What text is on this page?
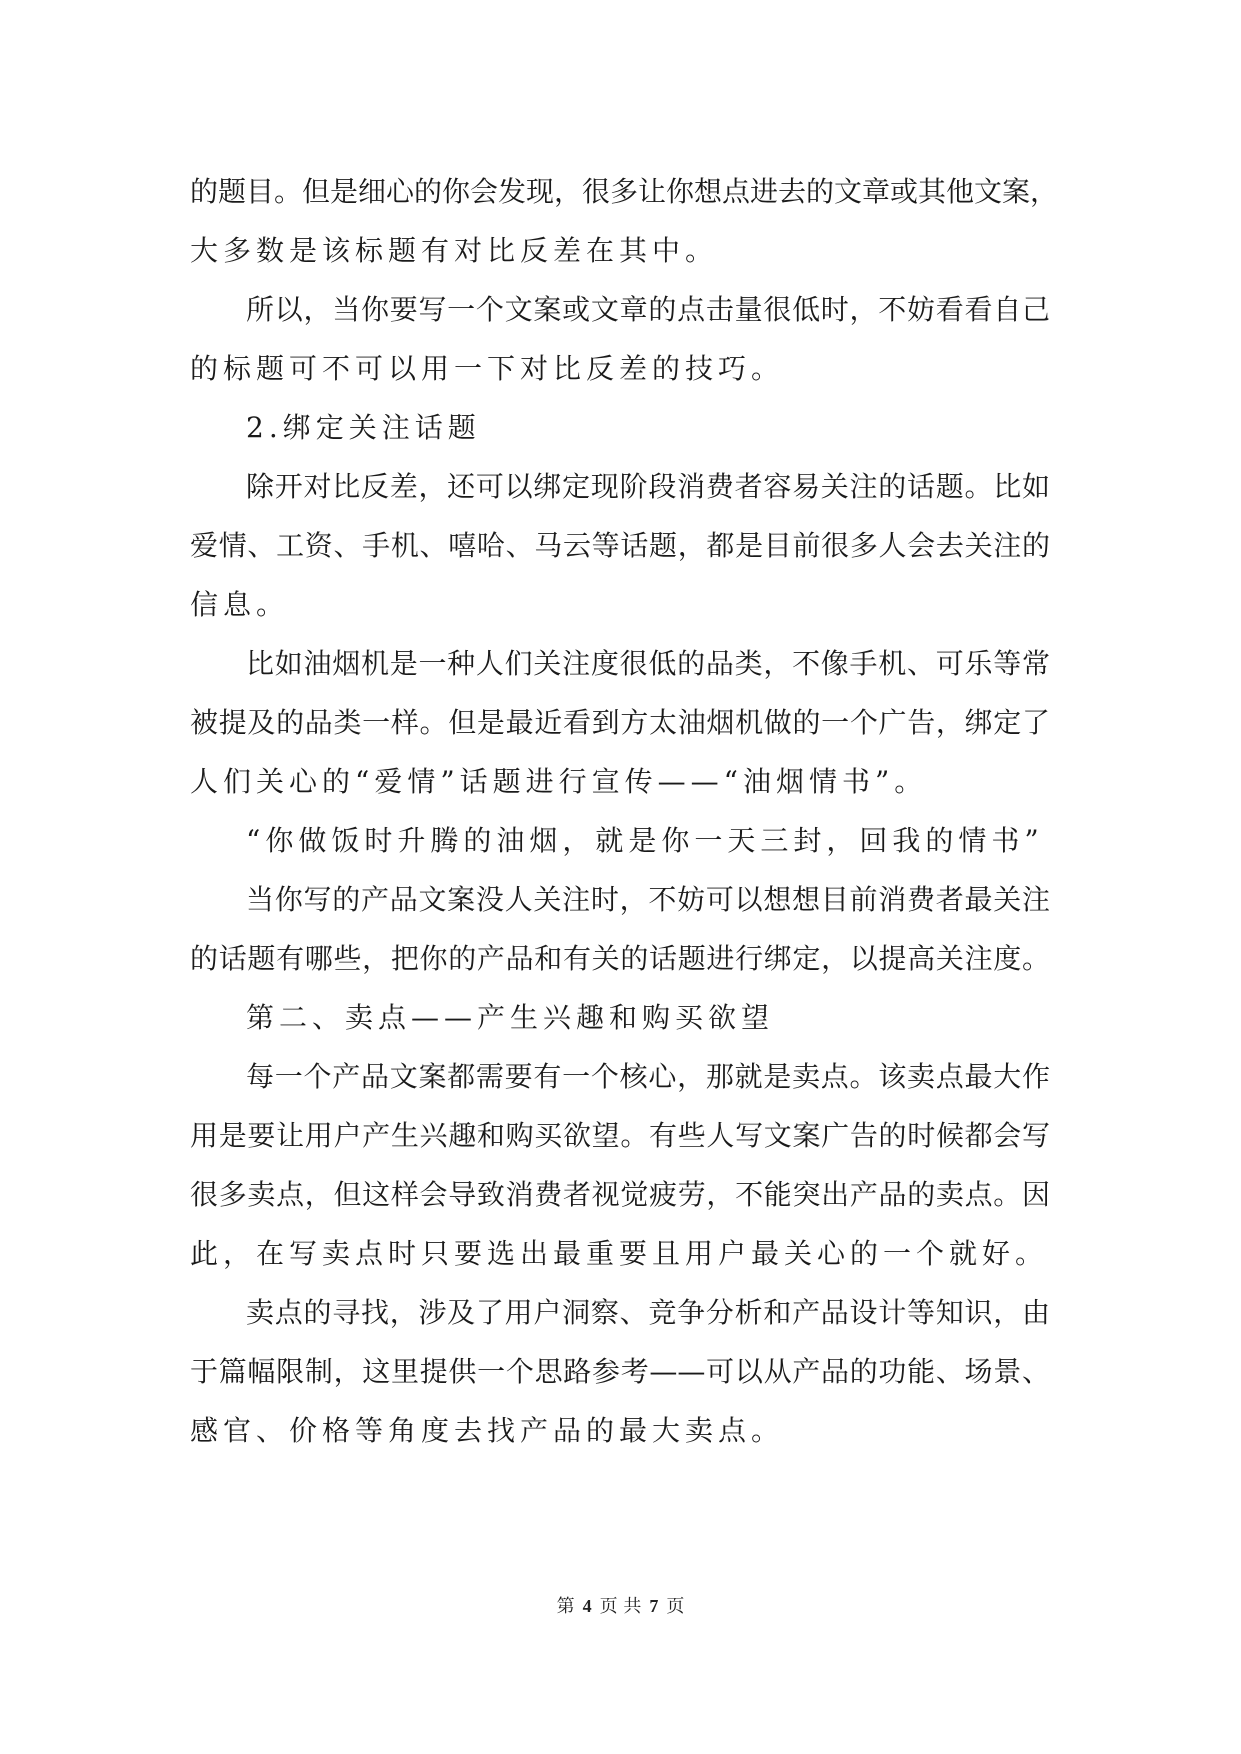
的题目。但是细心的你会发现，很多让你想点进去的文章或其他文案，
大多数是该标题有对比反差在其中。
所以，当你要写一个文案或文章的点击量很低时，不妨看看自己
的标题可不可以用一下对比反差的技巧。
2.绑定关注话题
除开对比反差，还可以绑定现阶段消费者容易关注的话题。比如
爱情、工资、手机、嘻哈、马云等话题，都是目前很多人会去关注的
信息。
比如油烟机是一种人们关注度很低的品类，不像手机、可乐等常
被提及的品类一样。但是最近看到方太油烟机做的一个广告，绑定了
人们关心的“爱情”话题进行宣传——“油烟情书”。
“你做饭时升腾的油烟，就是你一天三封，回我的情书”
当你写的产品文案没人关注时，不妨可以想想目前消费者最关注
的话题有哪些，把你的产品和有关的话题进行绑定，以提高关注度。
第二、卖点——产生兴趣和购买欲望
每一个产品文案都需要有一个核心，那就是卖点。该卖点最大作
用是要让用户产生兴趣和购买欲望。有些人写文案广告的时候都会写
很多卖点，但这样会导致消费者视觉疲劳，不能突出产品的卖点。因
此，在写卖点时只要选出最重要且用户最关心的一个就好。
卖点的寻找，涉及了用户洞察、竞争分析和产品设计等知识，由
于篇幅限制，这里提供一个思路参考——可以从产品的功能、场景、
感官、价格等角度去找产品的最大卖点。
第 4 页 共 7 页
